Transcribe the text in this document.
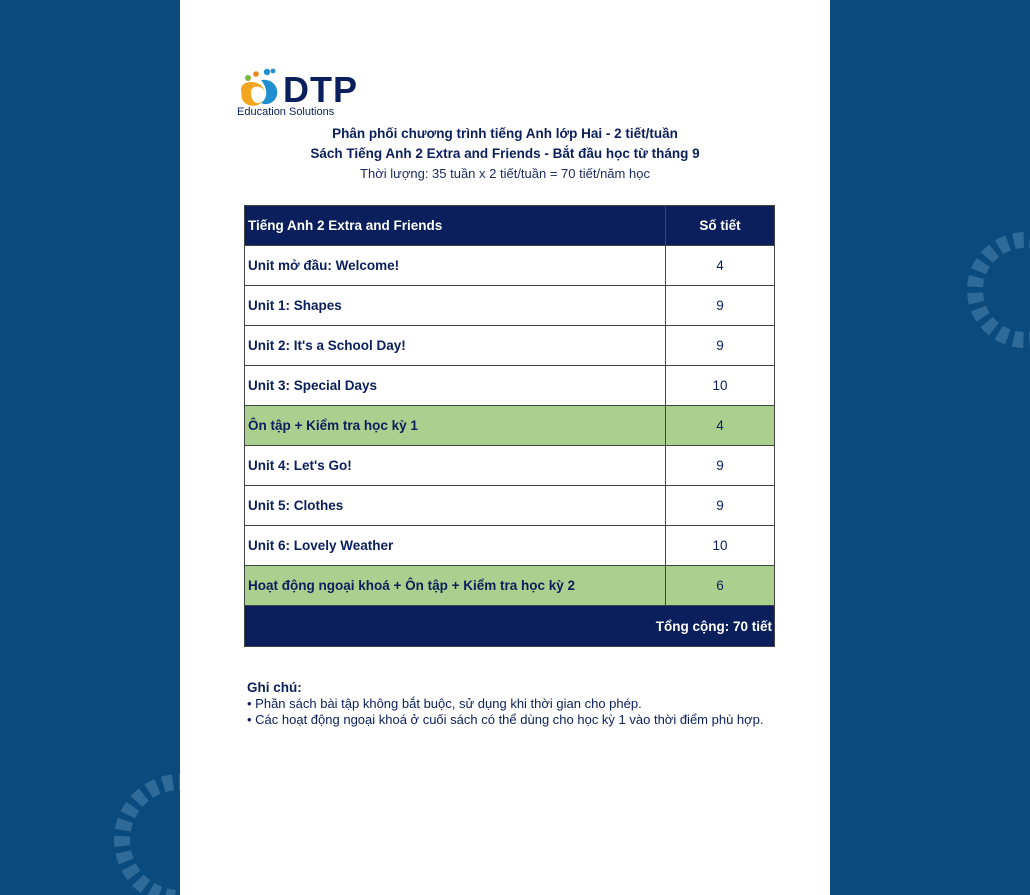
DTP
Education Solutions
Phân phối chương trình tiếng Anh lớp Hai - 2 tiết/tuần
Sách Tiếng Anh 2 Extra and Friends - Bắt đầu học từ tháng 9
Thời lượng: 35 tuần x 2 tiết/tuần = 70 tiết/năm học
Tiếng Anh 2 Extra and Friends	Số tiết
Unit mở đầu: Welcome!	4
Unit 1: Shapes	9
Unit 2: It's a School Day!	9
Unit 3: Special Days	10
Ôn tập + Kiểm tra học kỳ 1	4
Unit 4: Let's Go!	9
Unit 5: Clothes	9
Unit 6: Lovely Weather	10
Hoạt động ngoại khoá + Ôn tập + Kiểm tra học kỳ 2	6
Tổng cộng: 70 tiết	
Ghi chú:
• Phần sách bài tập không bắt buộc, sử dụng khi thời gian cho phép.
• Các hoạt động ngoại khoá ở cuối sách có thể dùng cho học kỳ 1 vào thời điểm phù hợp.
